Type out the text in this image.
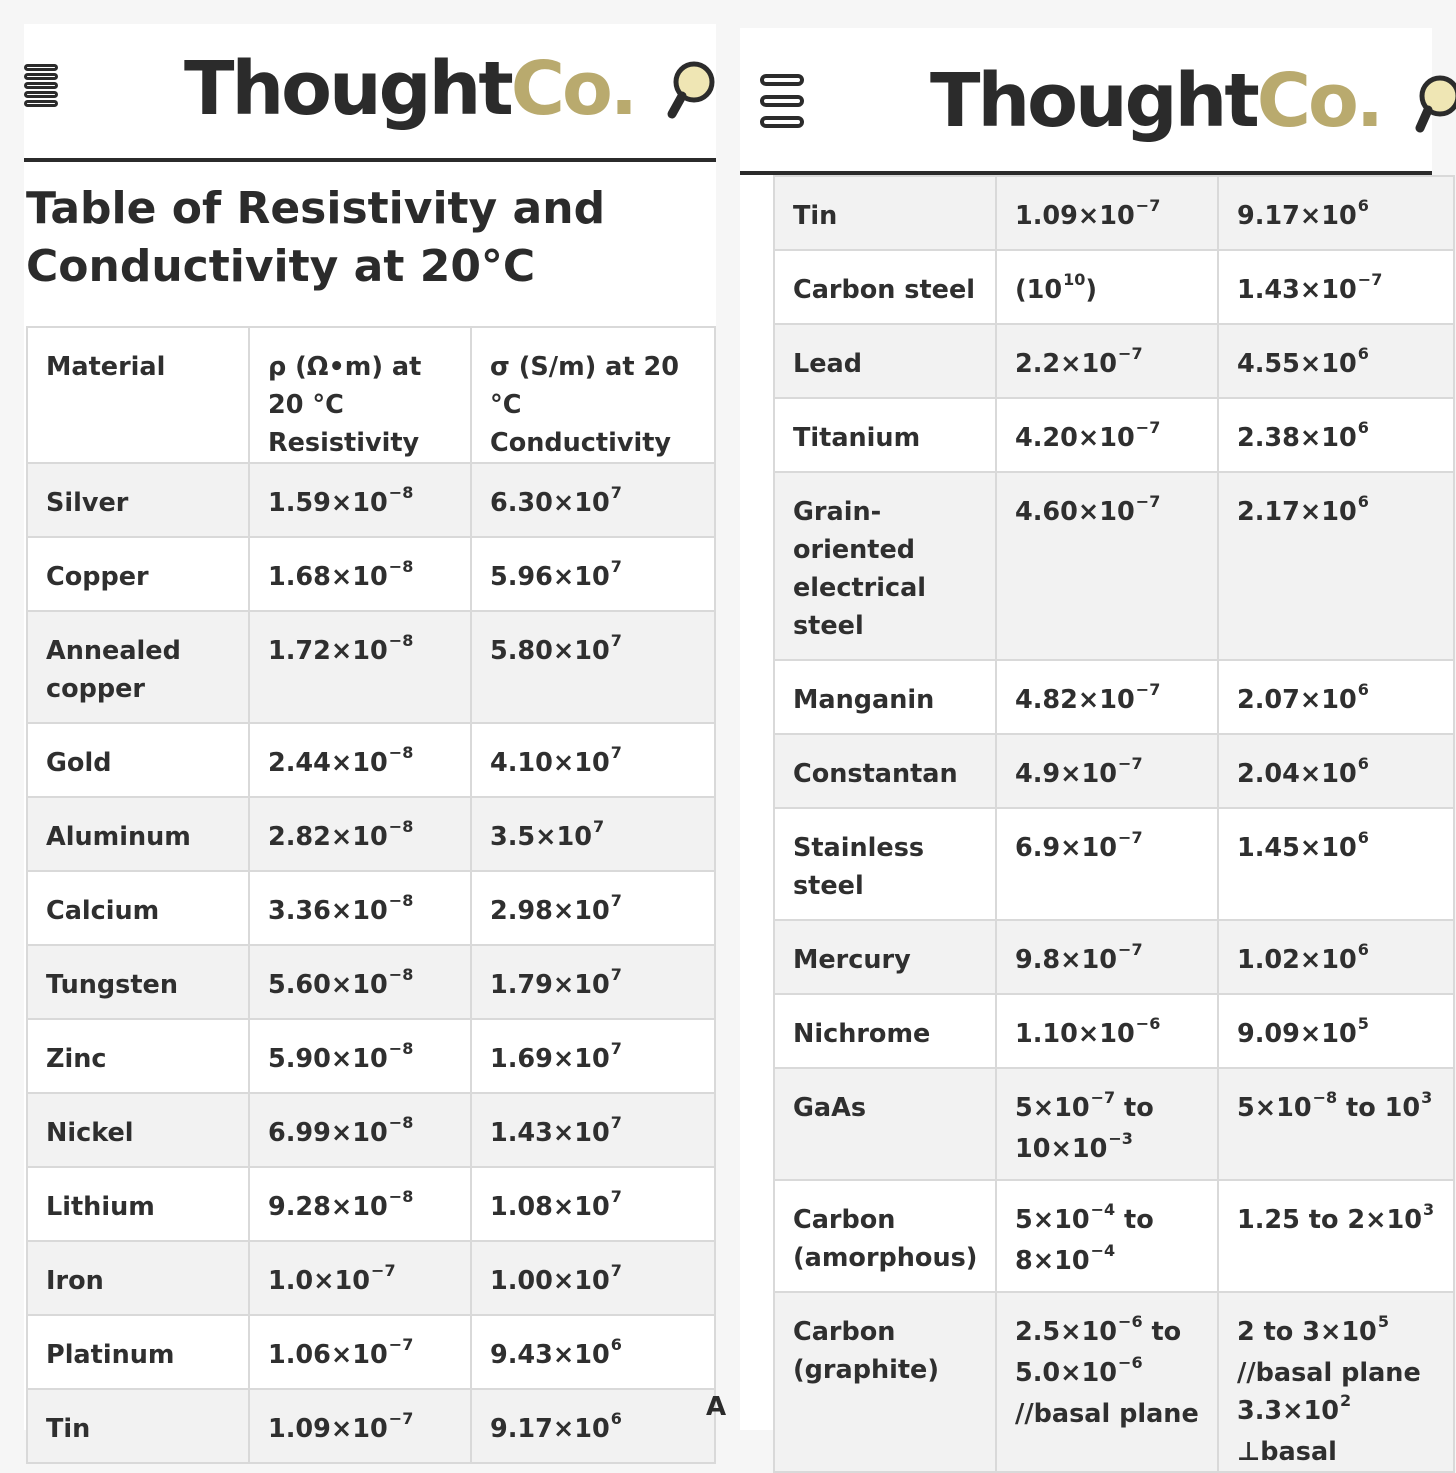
ThoughtCo.
Table of Resistivity and
Conductivity at 20°C
Material	ρ (Ω•m) at 20 °C Resistivity	σ (S/m) at 20 °C Conductivity
Silver	$1.59\times 10^{-8}$	$6.30\times 10^7$
Copper	$1.68\times 10^{-8}$	$5.96\times 10^7$
Annealed copper	$1.72\times 10^{-8}$	$5.80\times 10^7$
Gold	$2.44\times 10^{-8}$	$4.10\times 10^7$
Aluminum	$2.82\times 10^{-8}$	$3.5\times 10^7$
Calcium	$3.36\times 10^{-8}$	$2.98\times 10^7$
Tungsten	$5.60\times 10^{-8}$	$1.79\times 10^7$
Zinc	$5.90\times 10^{-8}$	$1.69\times 10^7$
Nickel	$6.99\times 10^{-8}$	$1.43\times 10^7$
Lithium	$9.28\times 10^{-8}$	$1.08\times 10^7$
Iron	$1.0\times 10^{-7}$	$1.00\times 10^7$
Platinum	$1.06\times 10^{-7}$	$9.43\times 10^6$
Tin	$1.09\times 10^{-7}$	$9.17\times 10^6$	A
ThoughtCo.
Tin	$1.09\times 10^{-7}$	$9.17\times 10^6$
Carbon steel	$(10^{10})$	$1.43\times 10^{-7}$
Lead	$2.2\times 10^{-7}$	$4.55\times 10^6$
Titanium	$4.20\times 10^{-7}$	$2.38\times 10^6$
Grain-oriented electrical steel	$4.60\times 10^{-7}$	$2.17\times 10^6$
Manganin	$4.82\times 10^{-7}$	$2.07\times 10^6$
Constantan	$4.9\times 10^{-7}$	$2.04\times 10^6$
Stainless steel	$6.9\times 10^{-7}$	$1.45\times 10^6$
Mercury	$9.8\times 10^{-7}$	$1.02\times 10^6$
Nichrome	$1.10\times 10^{-6}$	$9.09\times 10^5$
GaAs	$5\times 10^{-7}$ to $10\times 10^{-3}$	$5\times 10^{-8}$ to $10^3$
Carbon (amorphous)	$5\times 10^{-4}$ to $8\times 10^{-4}$	1.25 to $2\times 10^3$
Carbon (graphite)	$2.5\times 10^{-6}$ to $5.0\times 10^{-6}$ //basal plane	2 to $3\times 10^5$ //basal plane $3.3\times 10^2$ ⊥basal
